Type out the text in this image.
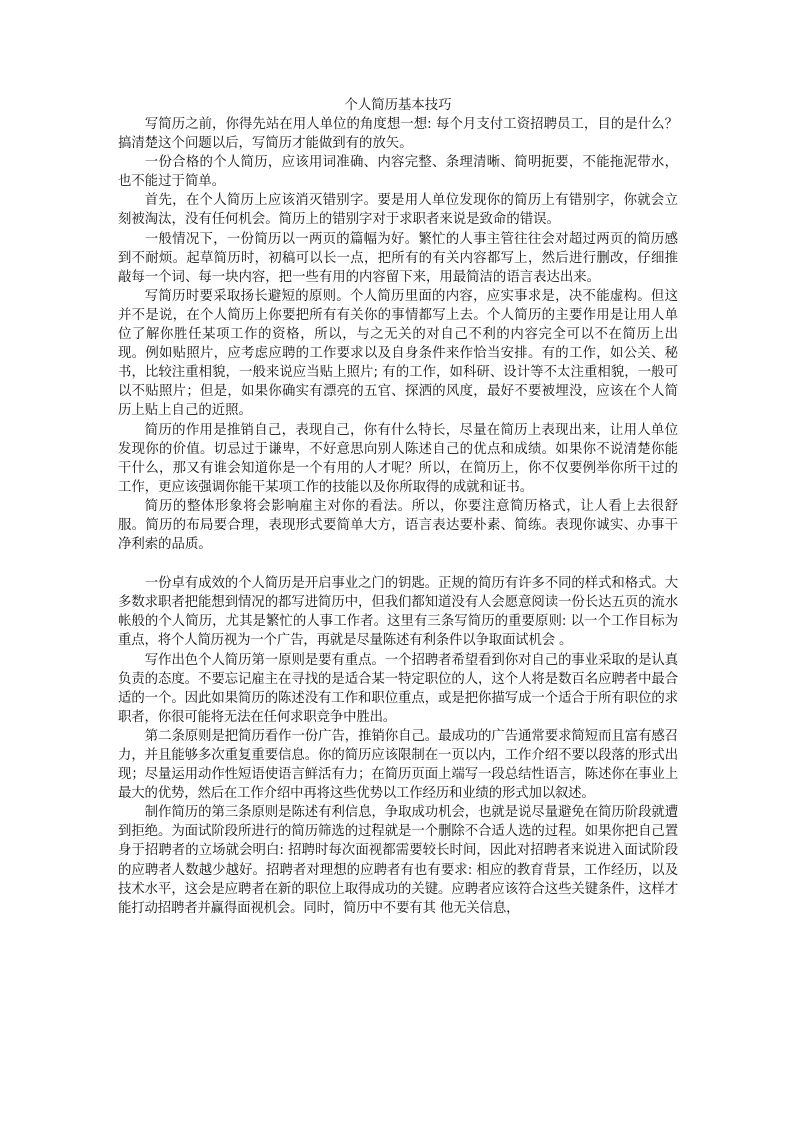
个人简历基本技巧

写简历之前，你得先站在用人单位的角度想一想: 每个月支付工资招聘员工，目的是什么？搞清楚这个问题以后，写简历才能做到有的放矢。

一份合格的个人简历，应该用词准确、内容完整、条理清晰、简明扼要，不能拖泥带水，也不能过于简单。

首先，在个人简历上应该消灭错别字。要是用人单位发现你的简历上有错别字，你就会立刻被淘汰，没有任何机会。简历上的错别字对于求职者来说是致命的错误。

一般情况下，一份简历以一两页的篇幅为好。繁忙的人事主管往往会对超过两页的简历感到不耐烦。起草简历时，初稿可以长一点，把所有的有关内容都写上，然后进行删改，仔细推敲每一个词、每一块内容，把一些有用的内容留下来，用最简洁的语言表达出来。

写简历时要采取扬长避短的原则。个人简历里面的内容，应实事求是，决不能虚构。但这并不是说，在个人简历上你要把所有有关你的事情都写上去。个人简历的主要作用是让用人单位了解你胜任某项工作的资格，所以，与之无关的对自己不利的内容完全可以不在简历上出现。例如贴照片，应考虑应聘的工作要求以及自身条件来作恰当安排。有的工作，如公关、秘书，比较注重相貌，一般来说应当贴上照片; 有的工作，如科研、设计等不太注重相貌，一般可以不贴照片；但是，如果你确实有漂亮的五官、探洒的风度，最好不要被埋没，应该在个人简历上贴上自己的近照。

简历的作用是推销自己，表现自己，你有什么特长，尽量在简历上表现出来，让用人单位发现你的价值。切忌过于谦卑，不好意思向别人陈述自己的优点和成绩。如果你不说清楚你能干什么，那又有谁会知道你是一个有用的人才呢？所以，在简历上，你不仅要例举你所干过的工作，更应该强调你能干某项工作的技能以及你所取得的成就和证书。

简历的整体形象将会影响雇主对你的看法。所以，你要注意简历格式，让人看上去很舒服。简历的布局要合理，表现形式要简单大方，语言表达要朴素、简练。表现你诚实、办事干净利索的品质。

一份卓有成效的个人简历是开启事业之门的钥匙。正规的简历有许多不同的样式和格式。大多数求职者把能想到情况的都写进简历中，但我们都知道没有人会愿意阅读一份长达五页的流水帐般的个人简历，尤其是繁忙的人事工作者。这里有三条写简历的重要原则: 以一个工作目标为重点，将个人简历视为一个广告，再就是尽量陈述有利条件以争取面试机会 。

写作出色个人简历第一原则是要有重点。一个招聘者希望看到你对自己的事业采取的是认真负责的态度。不要忘记雇主在寻找的是适合某一特定职位的人，这个人将是数百名应聘者中最合适的一个。因此如果简历的陈述没有工作和职位重点，或是把你描写成一个适合于所有职位的求职者，你很可能将无法在任何求职竞争中胜出。

第二条原则是把简历看作一份广告，推销你自己。最成功的广告通常要求简短而且富有感召力，并且能够多次重复重要信息。你的简历应该限制在一页以内，工作介绍不要以段落的形式出现；尽量运用动作性短语使语言鲜活有力；在简历页面上端写一段总结性语言，陈述你在事业上最大的优势，然后在工作介绍中再将这些优势以工作经历和业绩的形式加以叙述。

制作简历的第三条原则是陈述有利信息，争取成功机会，也就是说尽量避免在简历阶段就遭到拒绝。为面试阶段所进行的简历筛选的过程就是一个删除不合适人选的过程。如果你把自己置身于招聘者的立场就会明白: 招聘时每次面视都需要较长时间，因此对招聘者来说进入面试阶段的应聘者人数越少越好。招聘者对理想的应聘者有也有要求: 相应的教育背景，工作经历，以及技术水平，这会是应聘者在新的职位上取得成功的关键。应聘者应该符合这些关键条件，这样才能打动招聘者并赢得面视机会。同时，简历中不要有其 他无关信息，
